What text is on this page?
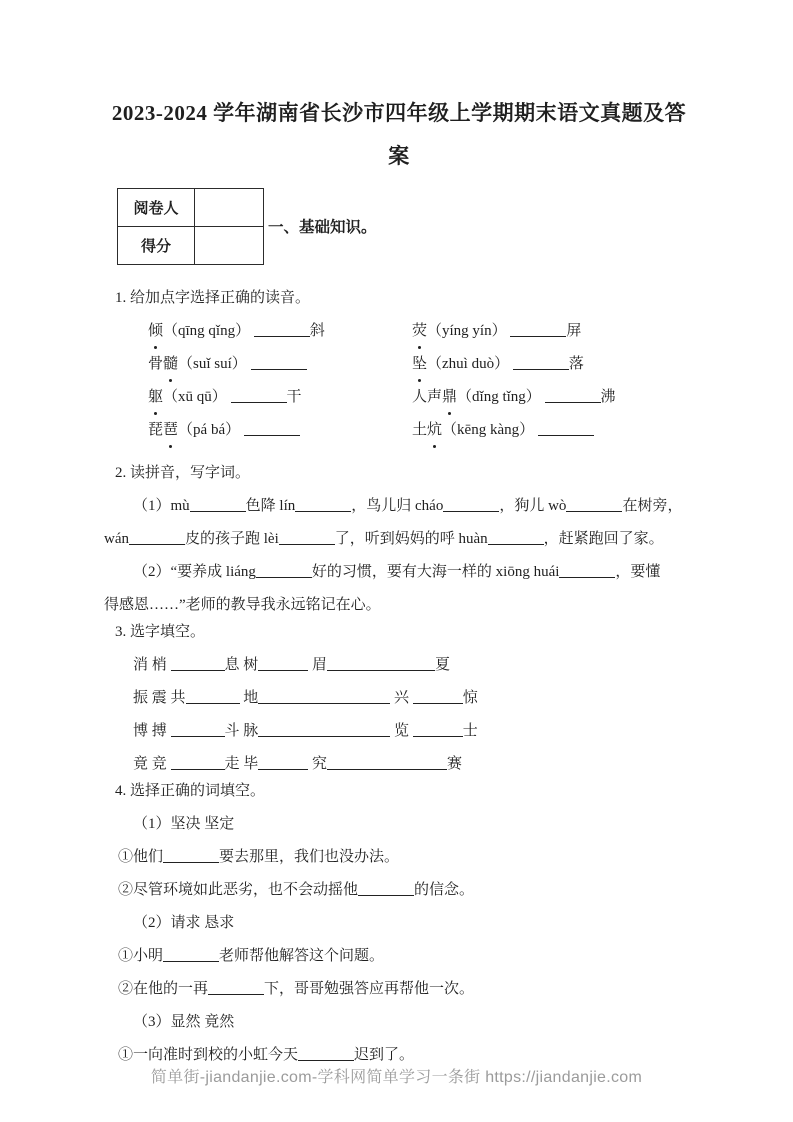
2023-2024 学年湖南省长沙市四年级上学期期末语文真题及答案
阅卷人	
得分	
一、基础知识。
1. 给加点字选择正确的读音。
倾（qīng qǐng）	斜	荧（yíng yín）	屏
骨髓（suǐ suí）	坠（zhuì duò）	落
躯（xū qū）	干	人声鼎（dǐng tǐng）	沸
琵琶（pá bá）	土炕（kēng kàng）
2. 读拼音，写字词。
（1）mù	色降 lín	，鸟儿归 cháo	，狗儿 wò	在树旁，
wán	皮的孩子跑 lèi	了，听到妈妈的呼 huàn	，赶紧跑回了家。
（2）“要养成 liáng	好的习惯，要有大海一样的 xiōng huái	，要懂
得感恩……”老师的教导我永远铭记在心。
3. 选字填空。
消 梢	息 树	眉	夏
振 震 共	地	兴	惊
博 搏	斗 脉	览	士
竟 竞	走 毕	究	赛
4. 选择正确的词填空。
（1）坚决 坚定
①他们	要去那里，我们也没办法。
②尽管环境如此恶劣，也不会动摇他	的信念。
（2）请求 恳求
①小明	老师帮他解答这个问题。
②在他的一再	下，哥哥勉强答应再帮他一次。
（3）显然 竟然
①一向准时到校的小虹今天	迟到了。
简单街-jiandanjie.com-学科网简单学习一条街 https://jiandanjie.com
